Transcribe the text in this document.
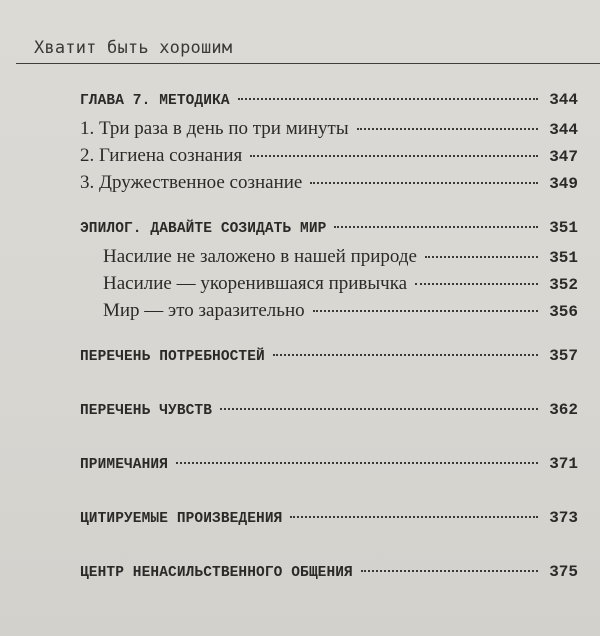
Хватит быть хорошим
ГЛАВА 7. МЕТОДИКА	344
1. Три раза в день по три минуты	344
2. Гигиена сознания	347
3. Дружественное сознание	349
ЭПИЛОГ. ДАВАЙТЕ СОЗИДАТЬ МИР	351
Насилие не заложено в нашей природе	351
Насилие — укоренившаяся привычка	352
Мир — это заразительно	356
ПЕРЕЧЕНЬ ПОТРЕБНОСТЕЙ	357
ПЕРЕЧЕНЬ ЧУВСТВ	362
ПРИМЕЧАНИЯ	371
ЦИТИРУЕМЫЕ ПРОИЗВЕДЕНИЯ	373
ЦЕНТР НЕНАСИЛЬСТВЕННОГО ОБЩЕНИЯ	375
